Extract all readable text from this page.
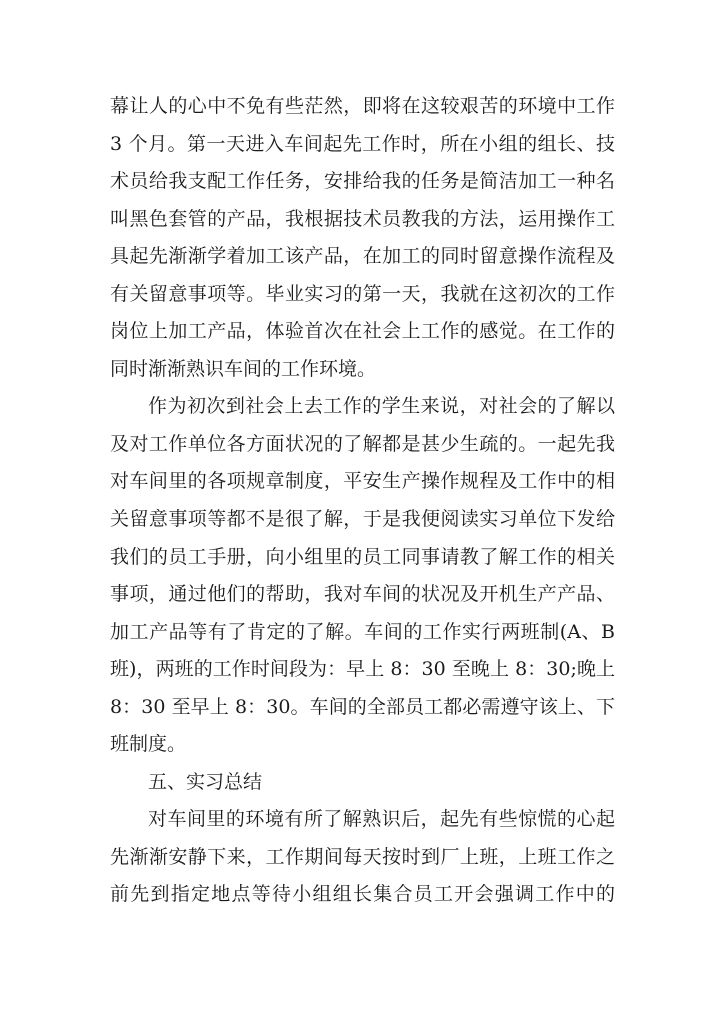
幕让人的心中不免有些茫然，即将在这较艰苦的环境中工作
3 个月。第一天进入车间起先工作时，所在小组的组长、技
术员给我支配工作任务，安排给我的任务是简洁加工一种名
叫黑色套管的产品，我根据技术员教我的方法，运用操作工
具起先渐渐学着加工该产品，在加工的同时留意操作流程及
有关留意事项等。毕业实习的第一天，我就在这初次的工作
岗位上加工产品，体验首次在社会上工作的感觉。在工作的
同时渐渐熟识车间的工作环境。
作为初次到社会上去工作的学生来说，对社会的了解以
及对工作单位各方面状况的了解都是甚少生疏的。一起先我
对车间里的各项规章制度，平安生产操作规程及工作中的相
关留意事项等都不是很了解，于是我便阅读实习单位下发给
我们的员工手册，向小组里的员工同事请教了解工作的相关
事项，通过他们的帮助，我对车间的状况及开机生产产品、
加工产品等有了肯定的了解。车间的工作实行两班制(A、B
班)，两班的工作时间段为：早上 8：30 至晚上 8：30;晚上
8：30 至早上 8：30。车间的全部员工都必需遵守该上、下
班制度。
五、实习总结
对车间里的环境有所了解熟识后，起先有些惊慌的心起
先渐渐安静下来，工作期间每天按时到厂上班，上班工作之
前先到指定地点等待小组组长集合员工开会强调工作中的
